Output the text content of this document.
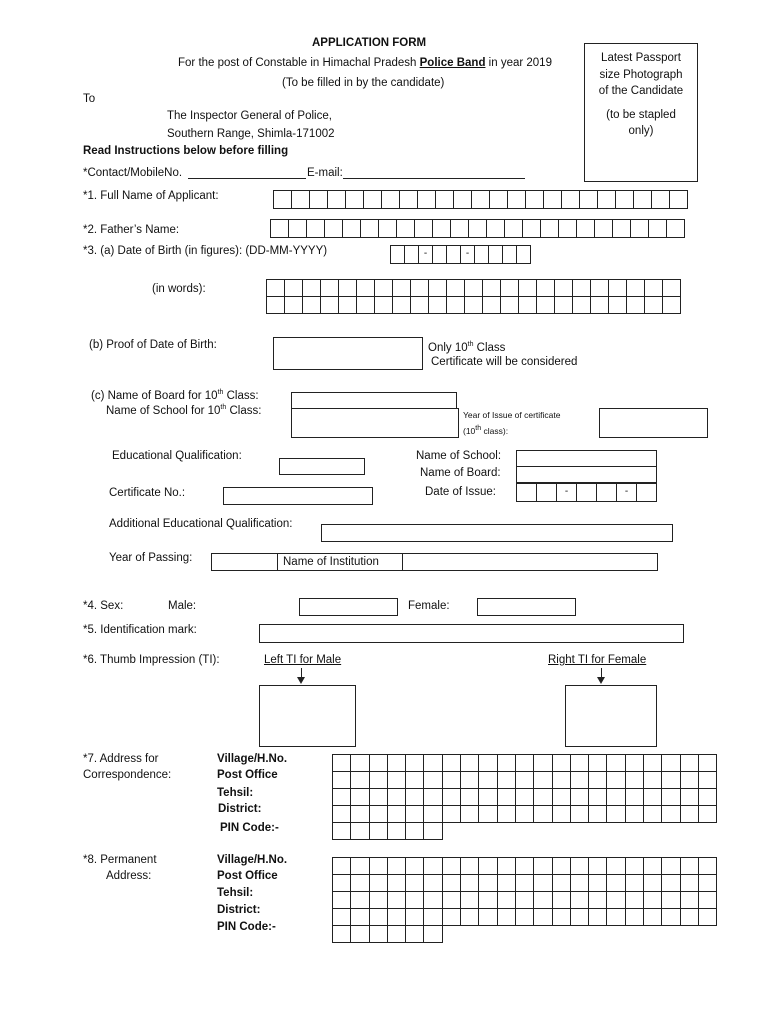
APPLICATION FORM
For the post of Constable in Himachal Pradesh Police Band in year 2019
(To be filled in by the candidate)
Latest Passport
size Photograph
of the Candidate
(to be stapled
only)
To
The Inspector General of Police,
Southern Range, Shimla-171002
Read Instructions below before filling
*Contact/MobileNo.	E-mail:
*1. Full Name of Applicant:
*2. Father’s Name:
*3. (a) Date of Birth (in figures): (DD-MM-YYYY)	-	-
(in words):
(b) Proof of Date of Birth:	Only 10th Class
Certificate will be considered
(c) Name of Board for 10th Class:
Name of School for 10th Class:	Year of Issue of certificate
(10th class):
Educational Qualification:	Name of School:
Name of Board:
Certificate No.:	Date of Issue:	-	-
Additional Educational Qualification:
Year of Passing:	Name of Institution
*4. Sex:	Male:	Female:
*5. Identification mark:
*6. Thumb Impression (TI):	Left TI for Male	Right TI for Female
*7. Address for
Correspondence:
Village/H.No.
Post Office
Tehsil:
District:
PIN Code:-
*8. Permanent
Address:
Village/H.No.
Post Office
Tehsil:
District:
PIN Code:-
